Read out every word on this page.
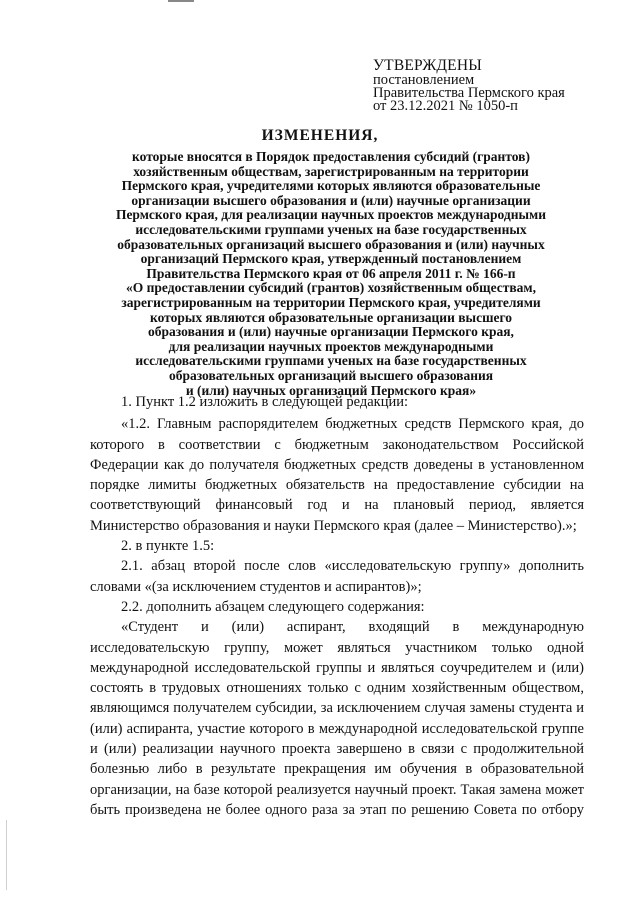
УТВЕРЖДЕНЫ
постановлением
Правительства Пермского края
от 23.12.2021 № 1050-п
ИЗМЕНЕНИЯ,
которые вносятся в Порядок предоставления субсидий (грантов)
хозяйственным обществам, зарегистрированным на территории
Пермского края, учредителями которых являются образовательные
организации высшего образования и (или) научные организации
Пермского края, для реализации научных проектов международными
исследовательскими группами ученых на базе государственных
образовательных организаций высшего образования и (или) научных
организаций Пермского края, утвержденный постановлением
Правительства Пермского края от 06 апреля 2011 г. № 166-п
«О предоставлении субсидий (грантов) хозяйственным обществам,
зарегистрированным на территории Пермского края, учредителями
которых являются образовательные организации высшего
образования и (или) научные организации Пермского края,
для реализации научных проектов международными
исследовательскими группами ученых на базе государственных
образовательных организаций высшего образования
и (или) научных организаций Пермского края»

1. Пункт 1.2 изложить в следующей редакции:

«1.2. Главным распорядителем бюджетных средств Пермского края, до которого в соответствии с бюджетным законодательством Российской Федерации как до получателя бюджетных средств доведены в установленном порядке лимиты бюджетных обязательств на предоставление субсидии на соответствующий финансовый год и на плановый период, является Министерство образования и науки Пермского края (далее – Министерство).»;

2. в пункте 1.5:

2.1. абзац второй после слов «исследовательскую группу» дополнить словами «(за исключением студентов и аспирантов)»;

2.2. дополнить абзацем следующего содержания:

«Студент и (или) аспирант, входящий в международную исследовательскую группу, может являться участником только одной международной исследовательской группы и являться соучредителем и (или) состоять в трудовых отношениях только с одним хозяйственным обществом, являющимся получателем субсидии, за исключением случая замены студента и (или) аспиранта, участие которого в международной исследовательской группе и (или) реализации научного проекта завершено в связи с продолжительной болезнью либо в результате прекращения им обучения в образовательной организации, на базе которой реализуется научный проект. Такая замена может быть произведена не более одного раза за этап по решению Совета по отбору
